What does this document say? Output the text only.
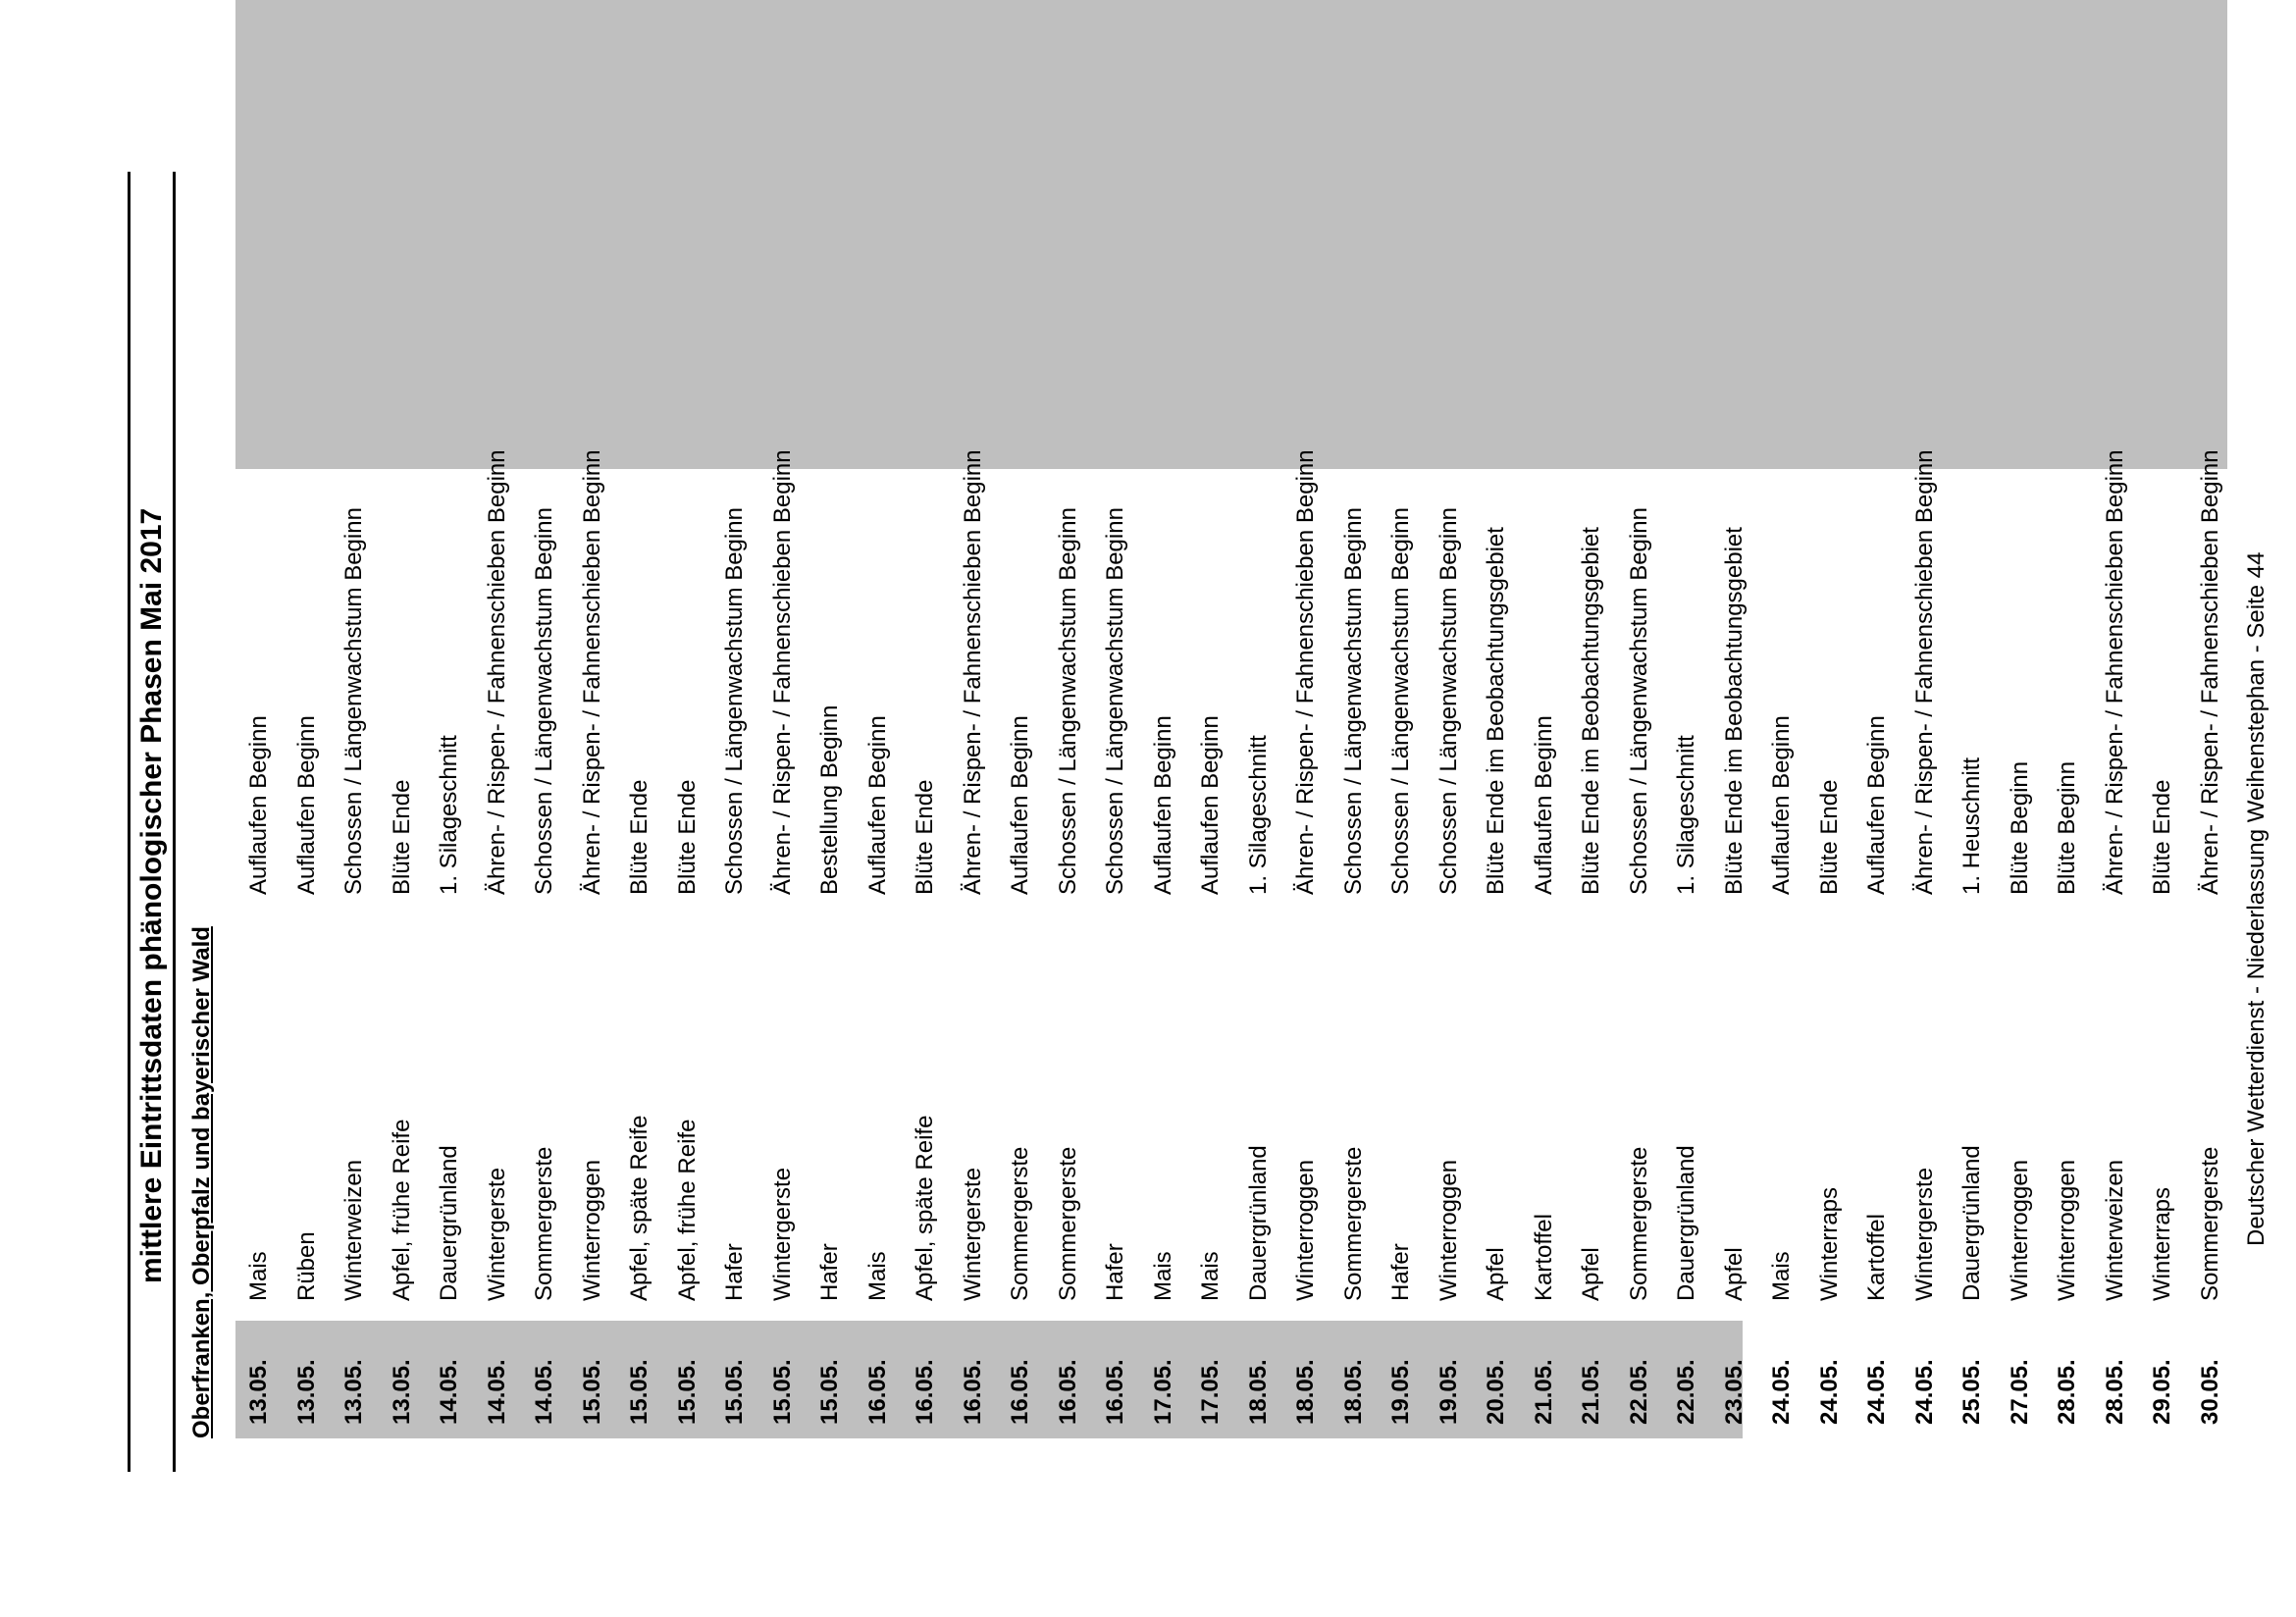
mittlere Eintrittsdaten phänologischer Phasen Mai 2017 Oberfranken, Oberpfalz und bayerischer Wald 13.05.
Mais
Auflaufen Beginn
13.05.
Rüben
Auflaufen Beginn
13.05.
Winterweizen
Schossen / Längenwachstum Beginn
13.05.
Apfel, frühe Reife
Blüte Ende
14.05.
Dauergrünland
1. Silageschnitt
14.05.
Wintergerste
Ähren- / Rispen- / Fahnenschieben Beginn
14.05.
Sommergerste
Schossen / Längenwachstum Beginn
15.05.
Winterroggen
Ähren- / Rispen- / Fahnenschieben Beginn
15.05.
Apfel, späte Reife
Blüte Ende
15.05.
Apfel, frühe Reife
Blüte Ende
15.05.
Hafer
Schossen / Längenwachstum Beginn
15.05.
Wintergerste
Ähren- / Rispen- / Fahnenschieben Beginn
15.05.
Hafer
Bestellung Beginn
16.05.
Mais
Auflaufen Beginn
16.05.
Apfel, späte Reife
Blüte Ende
16.05.
Wintergerste
Ähren- / Rispen- / Fahnenschieben Beginn
16.05.
Sommergerste
Auflaufen Beginn
16.05.
Sommergerste
Schossen / Längenwachstum Beginn
16.05.
Hafer
Schossen / Längenwachstum Beginn
17.05.
Mais
Auflaufen Beginn
17.05.
Mais
Auflaufen Beginn
18.05.
Dauergrünland
1. Silageschnitt
18.05.
Winterroggen
Ähren- / Rispen- / Fahnenschieben Beginn
18.05.
Sommergerste
Schossen / Längenwachstum Beginn
19.05.
Hafer
Schossen / Längenwachstum Beginn
19.05.
Winterroggen
Schossen / Längenwachstum Beginn
20.05.
Apfel
Blüte Ende im Beobachtungsgebiet
21.05.
Kartoffel
Auflaufen Beginn
21.05.
Apfel
Blüte Ende im Beobachtungsgebiet
22.05.
Sommergerste
Schossen / Längenwachstum Beginn
22.05.
Dauergrünland
1. Silageschnitt
23.05.
Apfel
Blüte Ende im Beobachtungsgebiet
24.05.
Mais
Auflaufen Beginn
24.05.
Winterraps
Blüte Ende
24.05.
Kartoffel
Auflaufen Beginn
24.05.
Wintergerste
Ähren- / Rispen- / Fahnenschieben Beginn
25.05.
Dauergrünland
1. Heuschnitt
27.05.
Winterroggen
Blüte Beginn
28.05.
Winterroggen
Blüte Beginn
28.05.
Winterweizen
Ähren- / Rispen- / Fahnenschieben Beginn
29.05.
Winterraps
Blüte Ende
30.05.
Sommergerste
Ähren- / Rispen- / Fahnenschieben Beginn Deutscher Wetterdienst - Niederlassung Weihenstephan - Seite 44
